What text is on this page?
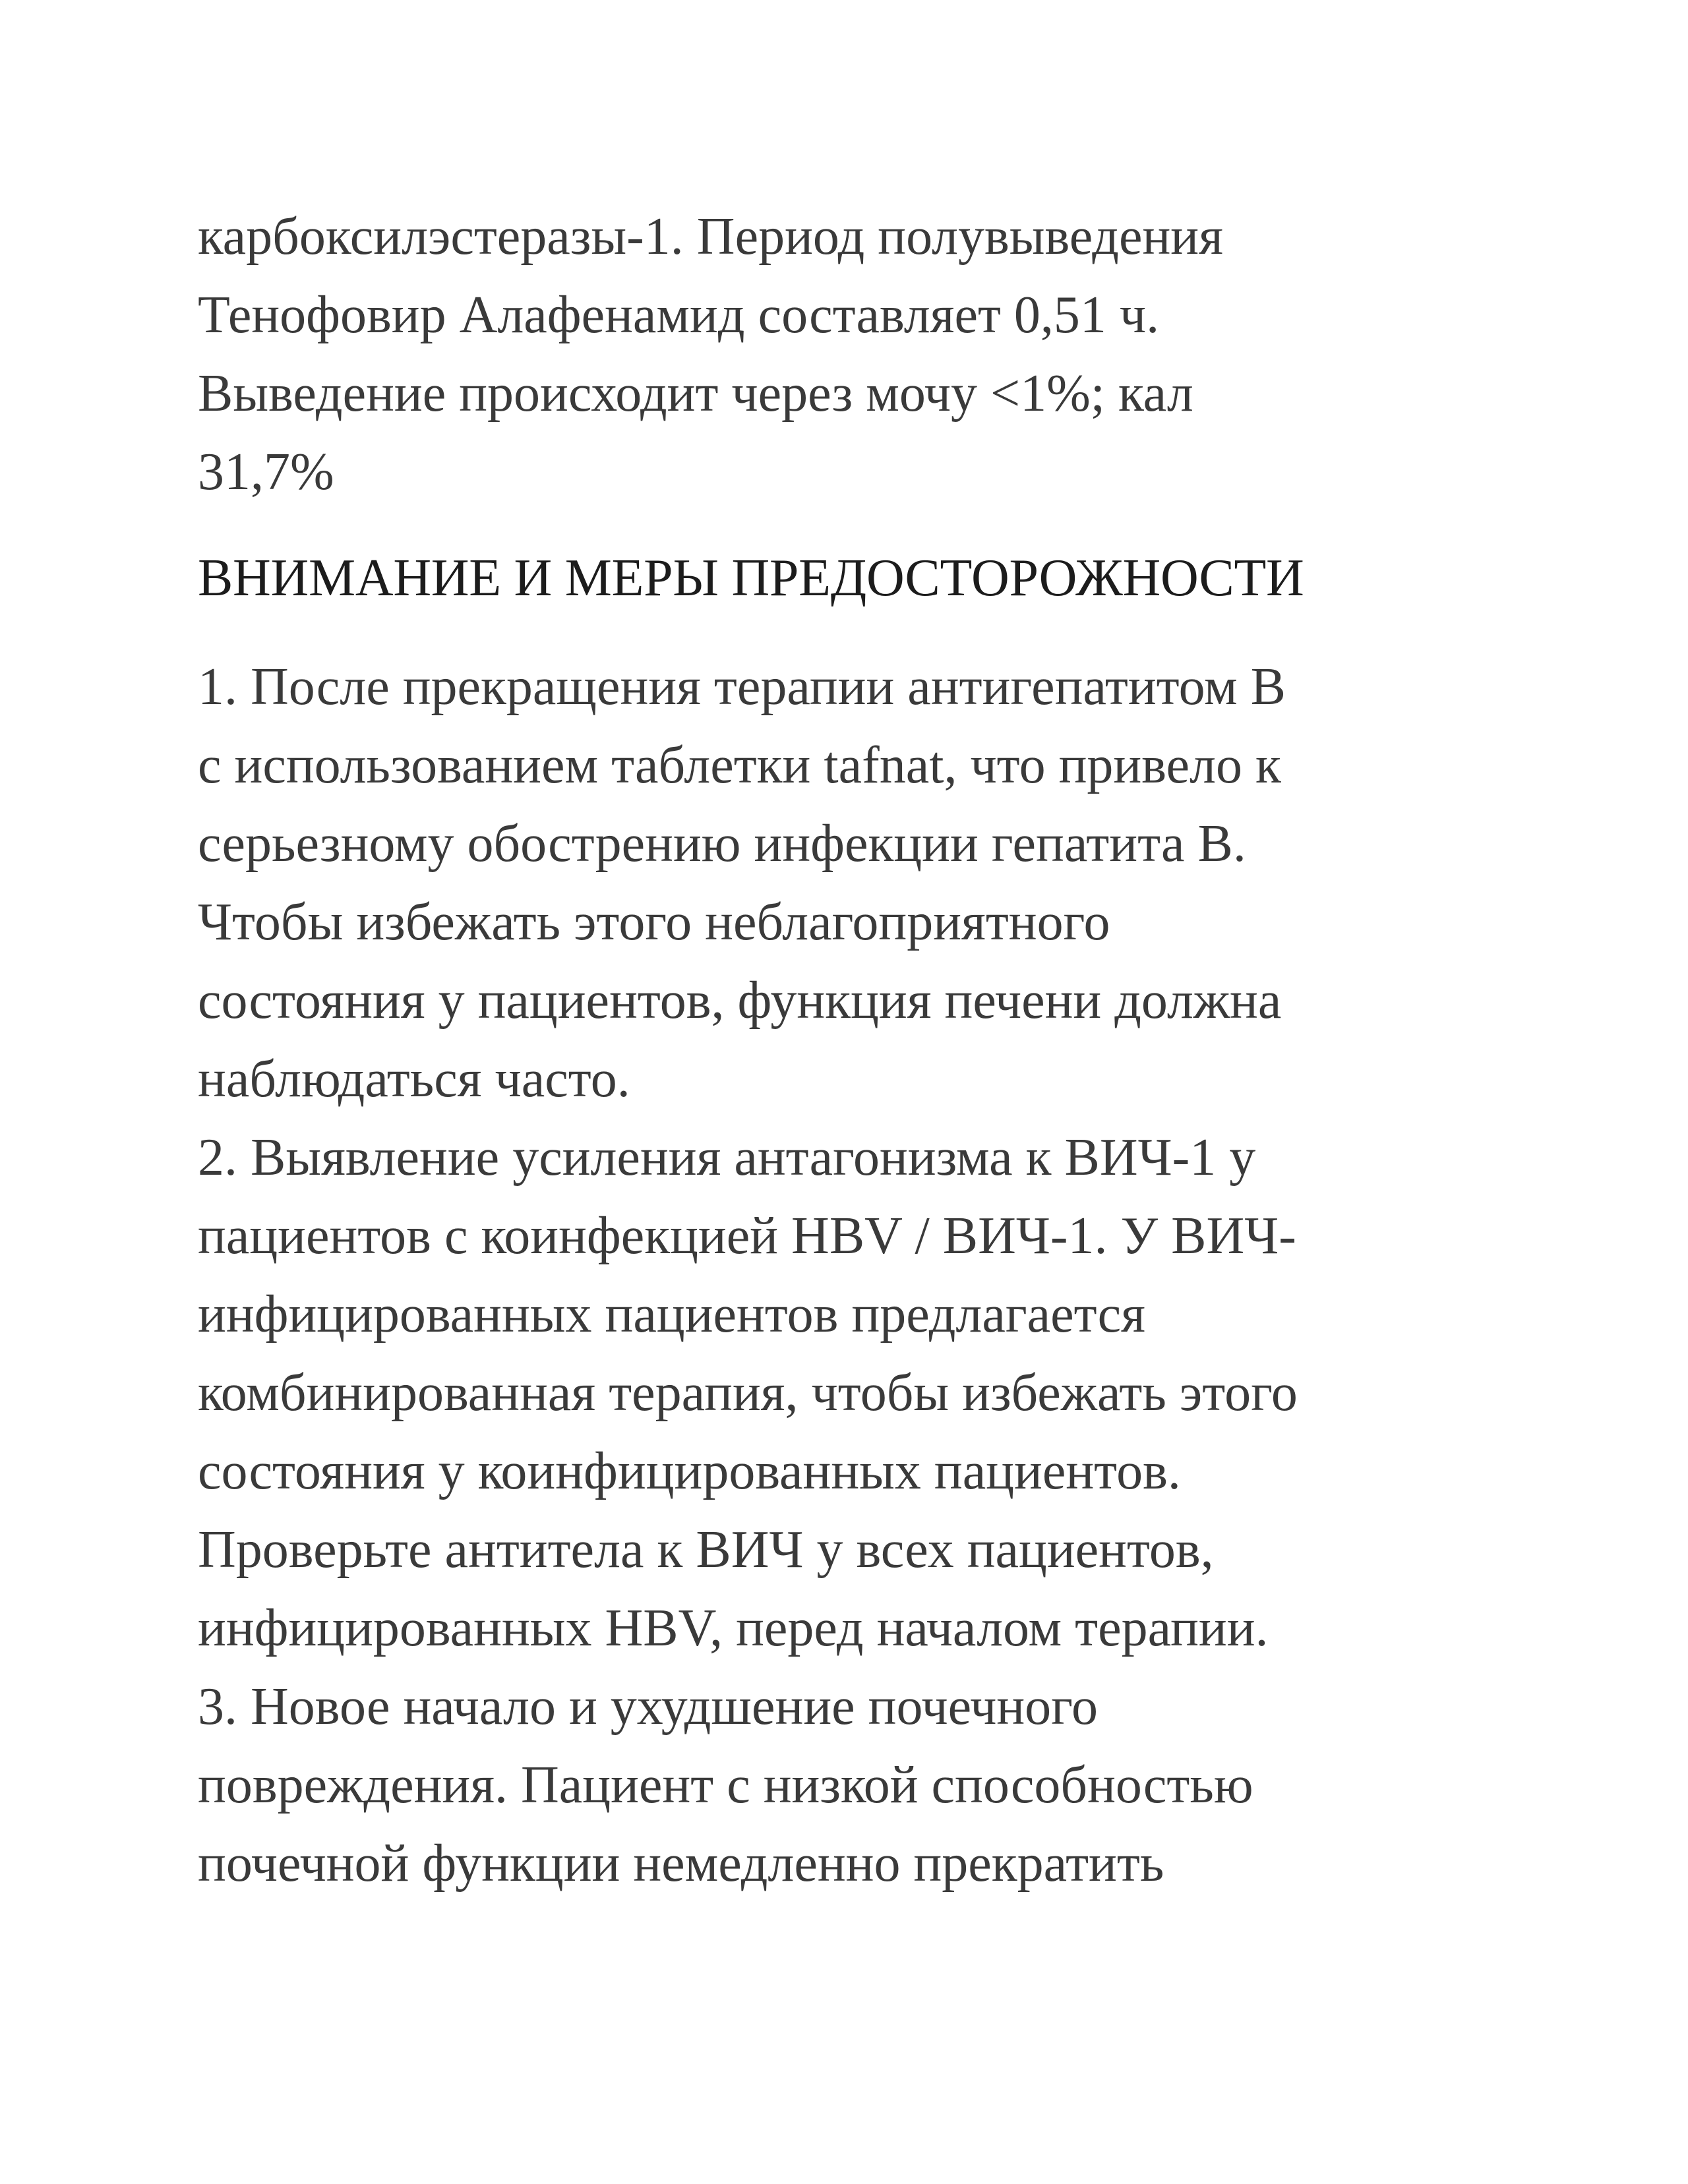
карбоксилэстеразы-1. Период полувыведения
Тенофовир Алафенамид составляет 0,51 ч.
Выведение происходит через мочу <1%; кал
31,7%

ВНИМАНИЕ И МЕРЫ ПРЕДОСТОРОЖНОСТИ

1. После прекращения терапии антигепатитом В
с использованием таблетки tafnat, что привело к
серьезному обострению инфекции гепатита В.
Чтобы избежать этого неблагоприятного
состояния у пациентов, функция печени должна
наблюдаться часто.

2. Выявление усиления антагонизма к ВИЧ-1 у
пациентов с коинфекцией HBV / ВИЧ-1. У ВИЧ-
инфицированных пациентов предлагается
комбинированная терапия, чтобы избежать этого
состояния у коинфицированных пациентов.
Проверьте антитела к ВИЧ у всех пациентов,
инфицированных HBV, перед началом терапии.

3. Новое начало и ухудшение почечного
повреждения. Пациент с низкой способностью
почечной функции немедленно прекратить
